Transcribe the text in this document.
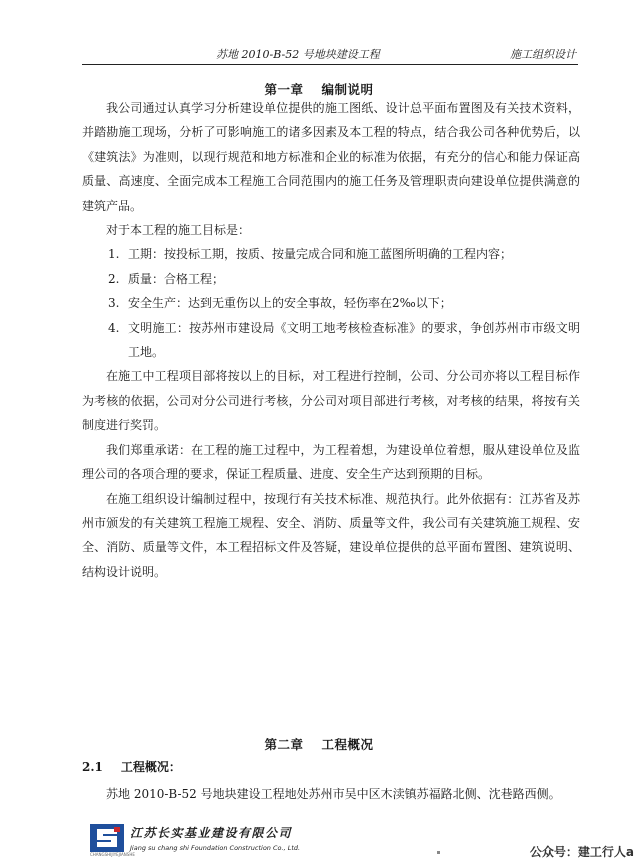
苏地 2010-B-52 号地块建设工程	施工组织设计
第一章 编制说明

我公司通过认真学习分析建设单位提供的施工图纸、设计总平面布置图及有关技术资料，并踏勘施工现场，分析了可影响施工的诸多因素及本工程的特点，结合我公司各种优势后，以《建筑法》为准则，以现行规范和地方标准和企业的标准为依据，有充分的信心和能力保证高质量、高速度、全面完成本工程施工合同范围内的施工任务及管理职责向建设单位提供满意的建筑产品。

对于本工程的施工目标是：

1. 工期：按投标工期，按质、按量完成合同和施工蓝图所明确的工程内容；
2. 质量：合格工程；
3. 安全生产：达到无重伤以上的安全事故，轻伤率在2‰以下；
4. 文明施工：按苏州市建设局《文明工地考核检查标准》的要求，争创苏州市市级文明工地。

在施工中工程项目部将按以上的目标，对工程进行控制，公司、分公司亦将以工程目标作为考核的依据，公司对分公司进行考核，分公司对项目部进行考核，对考核的结果，将按有关制度进行奖罚。

我们郑重承诺：在工程的施工过程中，为工程着想，为建设单位着想，服从建设单位及监理公司的各项合理的要求，保证工程质量、进度、安全生产达到预期的目标。

在施工组织设计编制过程中，按现行有关技术标准、规范执行。此外依据有：江苏省及苏州市颁发的有关建筑工程施工规程、安全、消防、质量等文件，我公司有关建筑施工规程、安全、消防、质量等文件，本工程招标文件及答疑，建设单位提供的总平面布置图、建筑说明、结构设计说明。

第二章 工程概况
2.1 工程概况：

苏地 2010-B-52 号地块建设工程地处苏州市吴中区木渎镇苏福路北侧、沈巷路西侧。

CHANGSHIJIYEJIANSHE
江苏长实基业建设有限公司
Jiang su chang shi Foundation Construction Co., Ltd.	公众号：建工行人a
